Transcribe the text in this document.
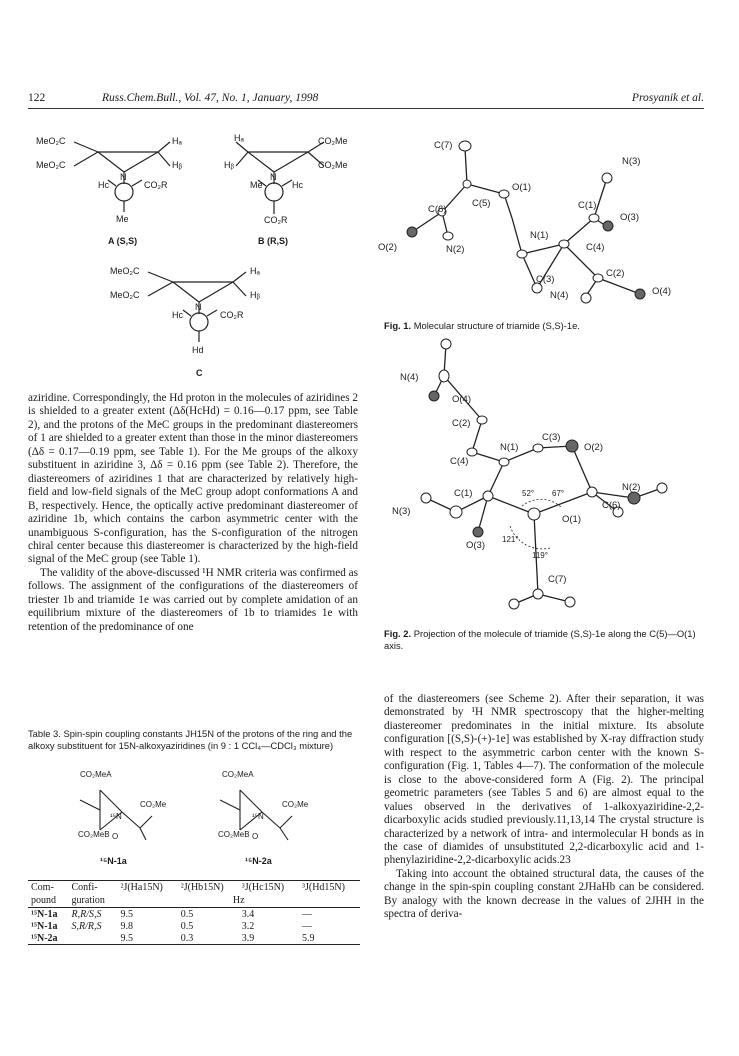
122	Russ.Chem.Bull., Vol. 47, No. 1, January, 1998	Prosyanik et al.
MeO₂C
MeO₂C
Hₐ
Hᵦ
N
Hc	CO₂R
Me
A (S,S)
Hₐ
Hᵦ
CO₂Me
CO₂Me
N
Me	Hc
CO₂R
B (R,S)
MeO₂C
MeO₂C
Hₐ
Hᵦ
N
Hc	CO₂R
Hd
C

aziridine. Correspondingly, the Hd proton in the molecules of aziridines 2 is shielded to a greater extent (Δδ(HcHd) = 0.16—0.17 ppm, see Table 2), and the protons of the MeC groups in the predominant diastereomers of 1 are shielded to a greater extent than those in the minor diastereomers (Δδ = 0.17—0.19 ppm, see Table 1). For the Me groups of the alkoxy substituent in aziridine 3, Δδ = 0.16 ppm (see Table 2). Therefore, the diastereomers of aziridines 1 that are characterized by relatively high-field and low-field signals of the MeC group adopt conformations A and B, respectively. Hence, the optically active predominant diastereomer of aziridine 1b, which contains the carbon asymmetric center with the unambiguous S-configuration, has the S-configuration of the nitrogen chiral center because this diastereomer is characterized by the high-field signal of the MeC group (see Table 1).

The validity of the above-discussed ¹H NMR criteria was confirmed as follows. The assignment of the configurations of the diastereomers of triester 1b and triamide 1e was carried out by complete amidation of an equilibrium mixture of the diastereomers of 1b to triamides 1e with retention of the predominance of one

Table 3. Spin-spin coupling constants JH15N of the protons of the ring and the alkoxy substituent for 15N-alkoxyaziridines (in 9 : 1 CCl₄—CDCl₃ mixture)
CO₂MeA
CO₂Me
¹⁵N
CO₂MeB O
¹⁵N-1a
CO₂MeA
CO₂Me
¹⁵N
CO₂MeB O
¹⁵N-2a
Com-	Confi-	²J(Ha15N)	²J(Hb15N)	³J(Hc15N)	³J(Hd15N)
pound	guration	Hz			
¹⁵N-1a	R,R/S,S	9.5	0.5	3.4	—
¹⁵N-1a	S,R/R,S	9.8	0.5	3.2	—
¹⁵N-2a		9.5	0.3	3.9	5.9
C(7)
N(3)
O(1)
C(5)
C(6)	C(1)
O(3)
O(2)	N(2)
N(1)
C(4)
C(3)
C(2)
N(4)	O(4)
Fig. 1. Molecular structure of triamide (S,S)-1e.
N(4)
O(4)
C(2)
N(1)
C(3)
C(4)
O(2)
C(1)
N(2)
N(3)
C(6)
O(1)
O(3)
C(7)
52° 67°
121°
119°
Fig. 2. Projection of the molecule of triamide (S,S)-1e along the C(5)—O(1) axis.

of the diastereomers (see Scheme 2). After their separation, it was demonstrated by ¹H NMR spectroscopy that the higher-melting diastereomer predominates in the initial mixture. Its absolute configuration [(S,S)-(+)-1e] was established by X-ray diffraction study with respect to the asymmetric carbon center with the known S-configuration (Fig. 1, Tables 4—7). The conformation of the molecule is close to the above-considered form A (Fig. 2). The principal geometric parameters (see Tables 5 and 6) are almost equal to the values observed in the derivatives of 1-alkoxyaziridine-2,2-dicarboxylic acids studied previously.11,13,14 The crystal structure is characterized by a network of intra- and intermolecular H bonds as in the case of diamides of unsubstituted 2,2-dicarboxylic acid and 1-phenylaziridine-2,2-dicarboxylic acids.23

Taking into account the obtained structural data, the causes of the change in the spin-spin coupling constant 2JHaHb can be considered. By analogy with the known decrease in the values of 2JHH in the spectra of deriva-
